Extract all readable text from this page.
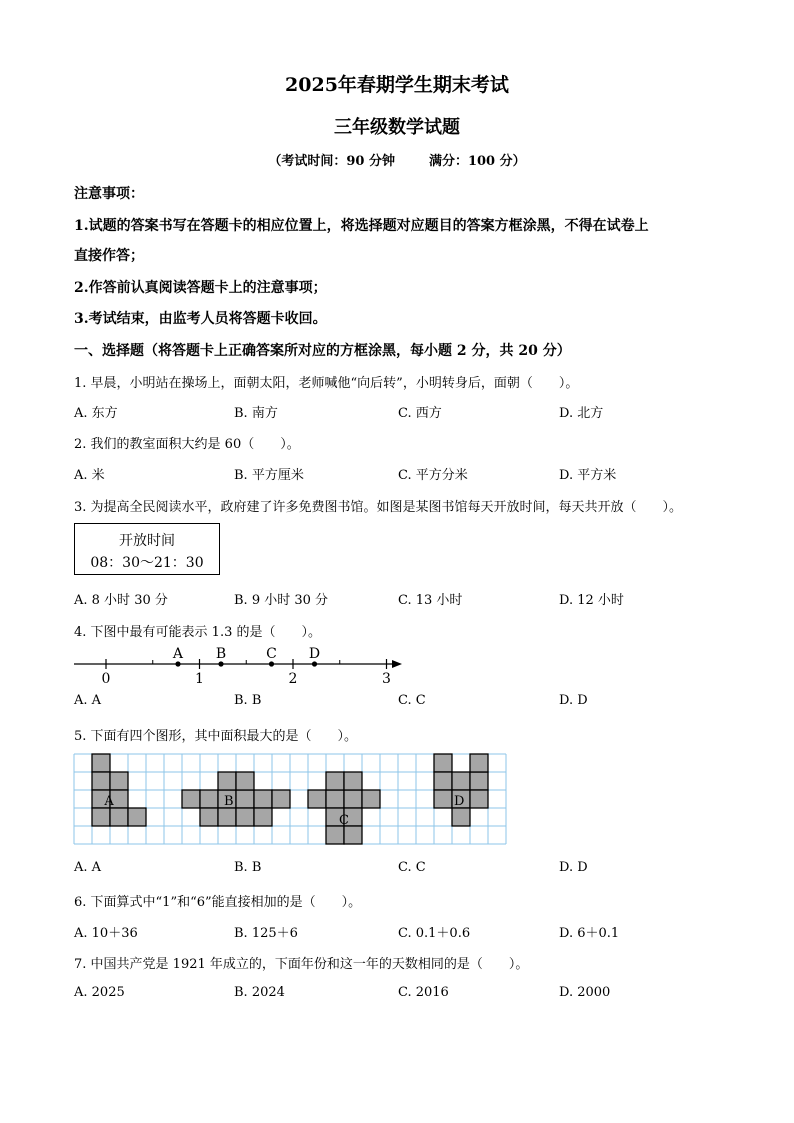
2025年春期学生期末考试
三年级数学试题
（考试时间：90 分钟	满分：100 分）
注意事项：
1.试题的答案书写在答题卡的相应位置上，将选择题对应题目的答案方框涂黑，不得在试卷上
直接作答；
2.作答前认真阅读答题卡上的注意事项；
3.考试结束，由监考人员将答题卡收回。
一、选择题（将答题卡上正确答案所对应的方框涂黑，每小题 2 分，共 20 分）
1. 早晨，小明站在操场上，面朝太阳，老师喊他“向后转”，小明转身后，面朝（　　）。
A. 东方	B. 南方	C. 西方	D. 北方
2. 我们的教室面积大约是 60（　　）。
A. 米	B. 平方厘米	C. 平方分米	D. 平方米
3. 为提高全民阅读水平，政府建了许多免费图书馆。如图是某图书馆每天开放时间，每天共开放（　　）。
开放时间
08：30～21：30
A. 8 小时 30 分	B. 9 小时 30 分	C. 13 小时	D. 12 小时
4. 下图中最有可能表示 1.3 的是（　　）。
0	1	2	3
A B	C D
A. A	B. B	C. C	D. D
5. 下面有四个图形，其中面积最大的是（　　）。
A	B
C
D
A. A	B. B	C. C	D. D
6. 下面算式中“1”和“6”能直接相加的是（　　）。
A. 10＋36	B. 125＋6	C. 0.1＋0.6	D. 6＋0.1
7. 中国共产党是 1921 年成立的，下面年份和这一年的天数相同的是（　　）。
A. 2025	B. 2024	C. 2016	D. 2000
